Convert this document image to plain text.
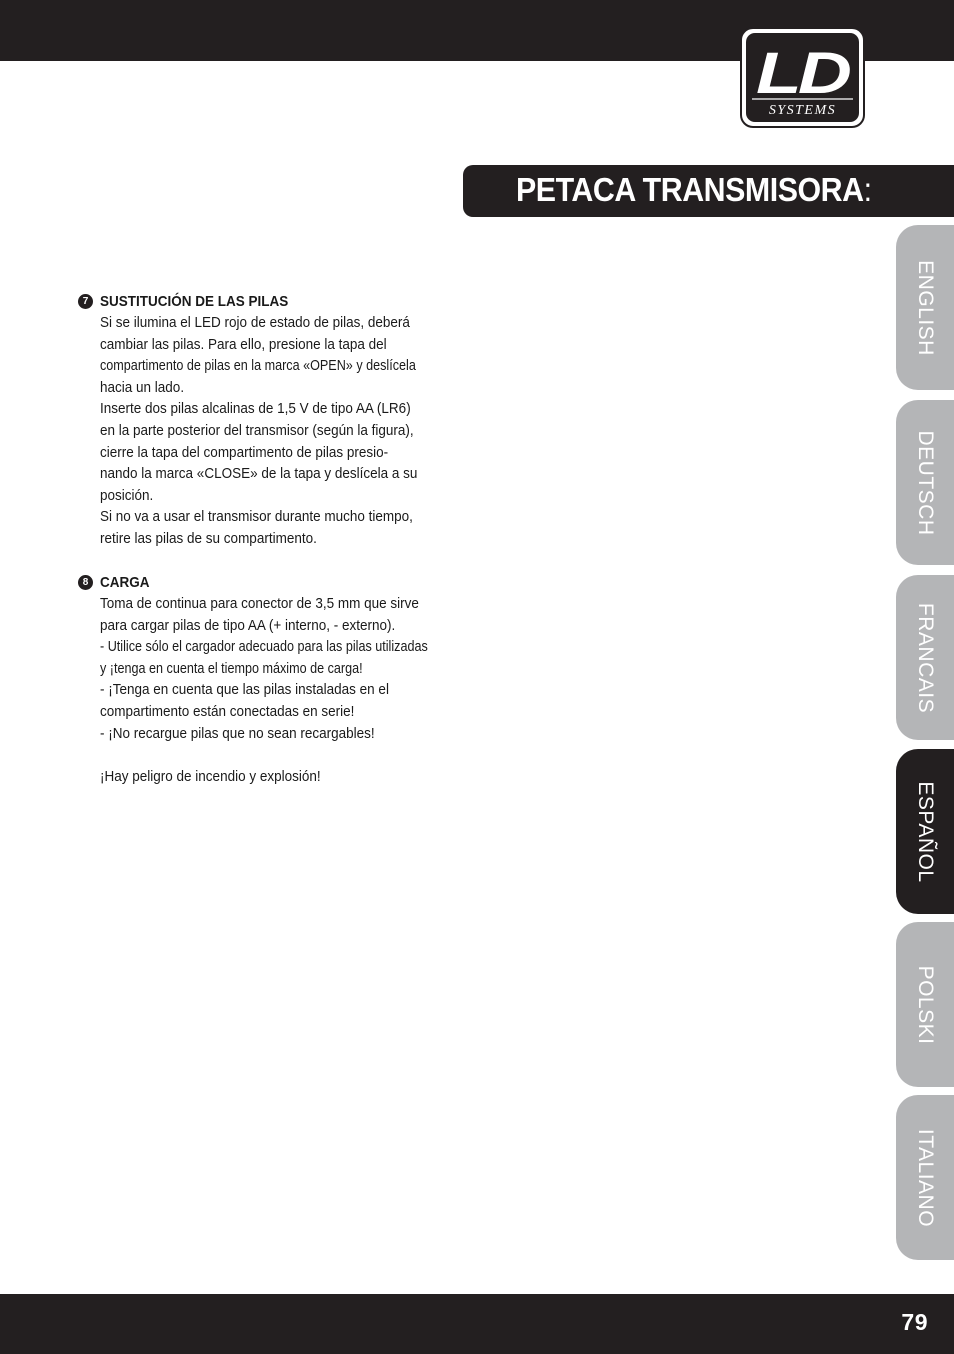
LD
SYSTEMS
PETACA TRANSMISORA:
ENGLISH
DEUTSCH
FRANCAIS
ESPAÑOL
POLSKI
ITALIANO
7 SUSTITUCIÓN DE LAS PILAS
Si se ilumina el LED rojo de estado de pilas, deberá
cambiar las pilas. Para ello, presione la tapa del
compartimento de pilas en la marca «OPEN» y deslícela
hacia un lado.
Inserte dos pilas alcalinas de 1,5 V de tipo AA (LR6)
en la parte posterior del transmisor (según la figura),
cierre la tapa del compartimento de pilas presio-
nando la marca «CLOSE» de la tapa y deslícela a su
posición.
Si no va a usar el transmisor durante mucho tiempo,
retire las pilas de su compartimento.
8 CARGA
Toma de continua para conector de 3,5 mm que sirve
para cargar pilas de tipo AA (+ interno, - externo).
- Utilice sólo el cargador adecuado para las pilas utilizadas
y ¡tenga en cuenta el tiempo máximo de carga!
- ¡Tenga en cuenta que las pilas instaladas en el
compartimento están conectadas en serie!
- ¡No recargue pilas que no sean recargables!
¡Hay peligro de incendio y explosión!
79
